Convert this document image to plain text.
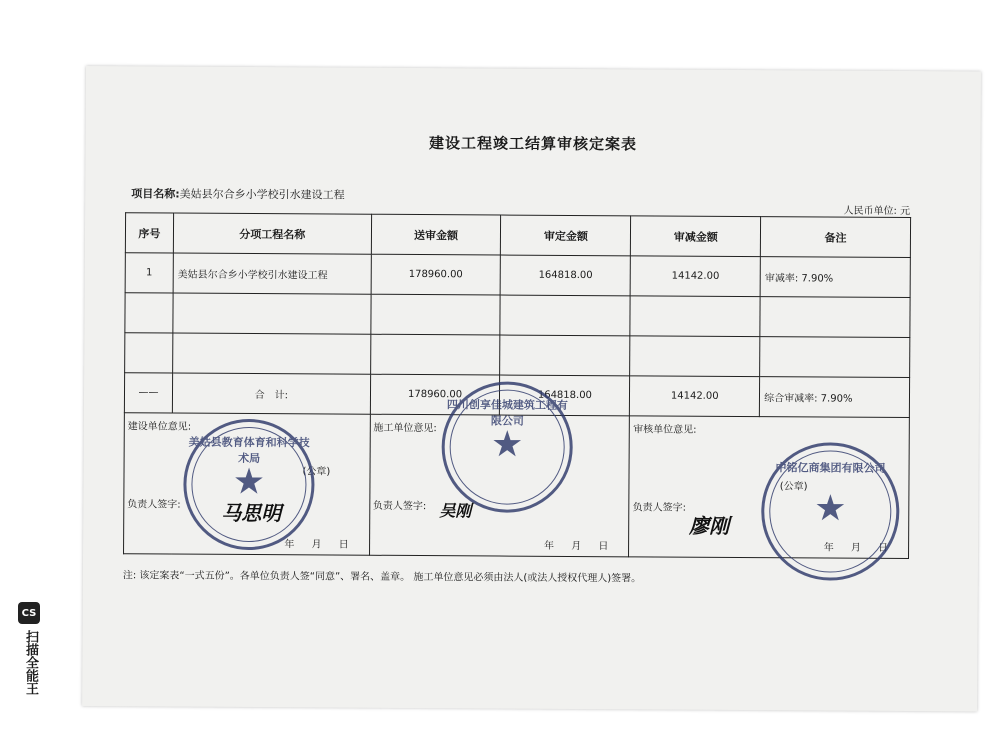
建设工程竣工结算审核定案表
项目名称:美姑县尔合乡小学校引水建设工程
人民币单位: 元
序号	分项工程名称	送审金额	审定金额	审减金额	备注
1	美姑县尔合乡小学校引水建设工程	178960.00	164818.00	14142.00	审减率: 7.90%

——	合　计:	178960.00	164818.00	14142.00	综合审减率: 7.90%

建设单位意见:
(公章)
负责人签字:
年 月 日		施工单位意见:
负责人签字:
年 月 日		审核单位意见:
(公章)
负责人签字:
年 月 日	
注: 该定案表“一式五份”。各单位负责人签“同意”、署名、盖章。 施工单位意见必须由法人(或法人授权代理人)签署。
★
美姑县教育体育和科学技术局	★
四川创享佳城建筑工程有限公司
★
中铭亿商集团有限公司
马思明	吴刚
廖刚
CS
扫描全能王
